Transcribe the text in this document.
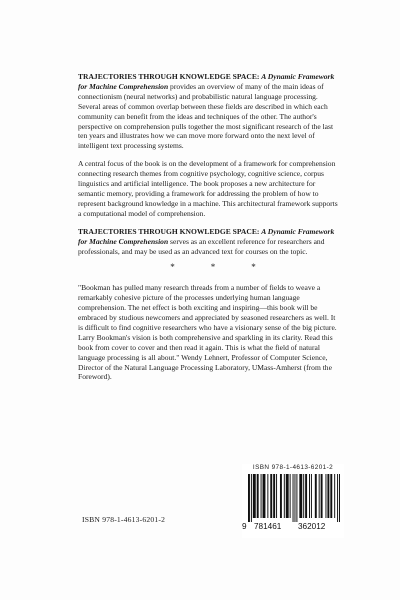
TRAJECTORIES THROUGH KNOWLEDGE SPACE: A Dynamic Framework for Machine Comprehension provides an overview of many of the main ideas of connectionism (neural networks) and probabilistic natural language processing. Several areas of common overlap between these fields are described in which each community can benefit from the ideas and techniques of the other. The author's perspective on comprehension pulls together the most significant research of the last ten years and illustrates how we can move more forward onto the next level of intelligent text processing systems.

A central focus of the book is on the development of a framework for comprehension connecting research themes from cognitive psychology, cognitive science, corpus linguistics and artificial intelligence. The book proposes a new architecture for semantic memory, providing a framework for addressing the problem of how to represent background knowledge in a machine. This architectural framework supports a computational model of comprehension.

TRAJECTORIES THROUGH KNOWLEDGE SPACE: A Dynamic Framework for Machine Comprehension serves as an excellent reference for researchers and professionals, and may be used as an advanced text for courses on the topic.

*	*	*

"Bookman has pulled many research threads from a number of fields to weave a remarkably cohesive picture of the processes underlying human language comprehension. The net effect is both exciting and inspiring—this book will be embraced by studious newcomers and appreciated by seasoned researchers as well. It is difficult to find cognitive researchers who have a visionary sense of the big picture. Larry Bookman's vision is both comprehensive and sparkling in its clarity. Read this book from cover to cover and then read it again. This is what the field of natural language processing is all about." Wendy Lehnert, Professor of Computer Science, Director of the Natural Language Processing Laboratory, UMass-Amherst (from the Foreword).

ISBN 978-1-4613-6201-2
9 781461 362012
ISBN 978-1-4613-6201-2
